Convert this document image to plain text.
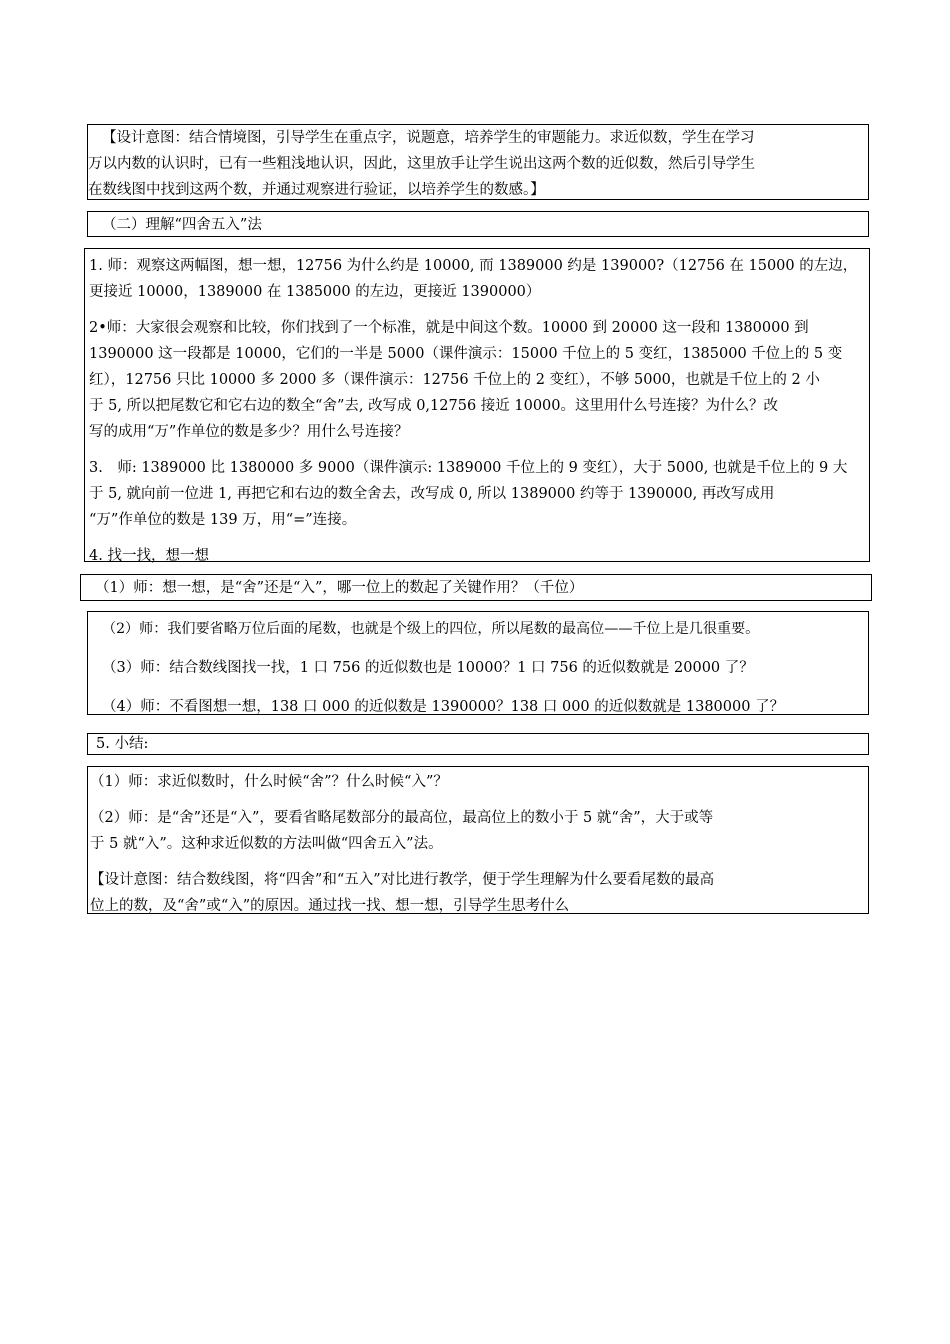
【设计意图：结合情境图，引导学生在重点字，说题意，培养学生的审题能力。求近似数，学生在学习

万以内数的认识时，已有一些粗浅地认识，因此，这里放手让学生说出这两个数的近似数，然后引导学生

在数线图中找到这两个数，并通过观察进行验证，以培养学生的数感。】

（二）理解“四舍五入”法

1. 师：观察这两幅图，想一想，12756 为什么约是 10000, 而 1389000 约是 139000?（12756 在 15000 的左边，

更接近 10000，1389000 在 1385000 的左边，更接近 1390000）

2•师：大家很会观察和比较，你们找到了一个标准，就是中间这个数。10000 到 20000 这一段和 1380000 到

1390000 这一段都是 10000，它们的一半是 5000（课件演示：15000 千位上的 5 变红，1385000 千位上的 5 变

红），12756 只比 10000 多 2000 多（课件演示：12756 千位上的 2 变红），不够 5000，也就是千位上的 2 小

于 5, 所以把尾数它和它右边的数全“舍”去, 改写成 0,12756 接近 10000。这里用什么号连接？为什么？改

写的成用“万”作单位的数是多少？用什么号连接？

3.　师: 1389000 比 1380000 多 9000（课件演示: 1389000 千位上的 9 变红），大于 5000, 也就是千位上的 9 大

于 5, 就向前一位进 1, 再把它和右边的数全舍去，改写成 0, 所以 1389000 约等于 1390000, 再改写成用

“万”作单位的数是 139 万，用“=”连接。

4. 找一找，想一想

（1）师：想一想，是“舍”还是“入”，哪一位上的数起了关键作用？（千位）

（2）师：我们要省略万位后面的尾数，也就是个级上的四位，所以尾数的最高位——千位上是几很重要。

（3）师：结合数线图找一找，1 口 756 的近似数也是 10000？1 口 756 的近似数就是 20000 了？

（4）师：不看图想一想，138 口 000 的近似数是 1390000？138 口 000 的近似数就是 1380000 了？

5. 小结:

（1）师：求近似数时，什么时候“舍”？什么时候“入”？

（2）师：是“舍”还是“入”，要看省略尾数部分的最高位，最高位上的数小于 5 就“舍”，大于或等

于 5 就“入”。这种求近似数的方法叫做“四舍五入”法。

【设计意图：结合数线图，将“四舍”和“五入”对比进行教学，便于学生理解为什么要看尾数的最高

位上的数，及“舍”或“入”的原因。通过找一找、想一想，引导学生思考什么
